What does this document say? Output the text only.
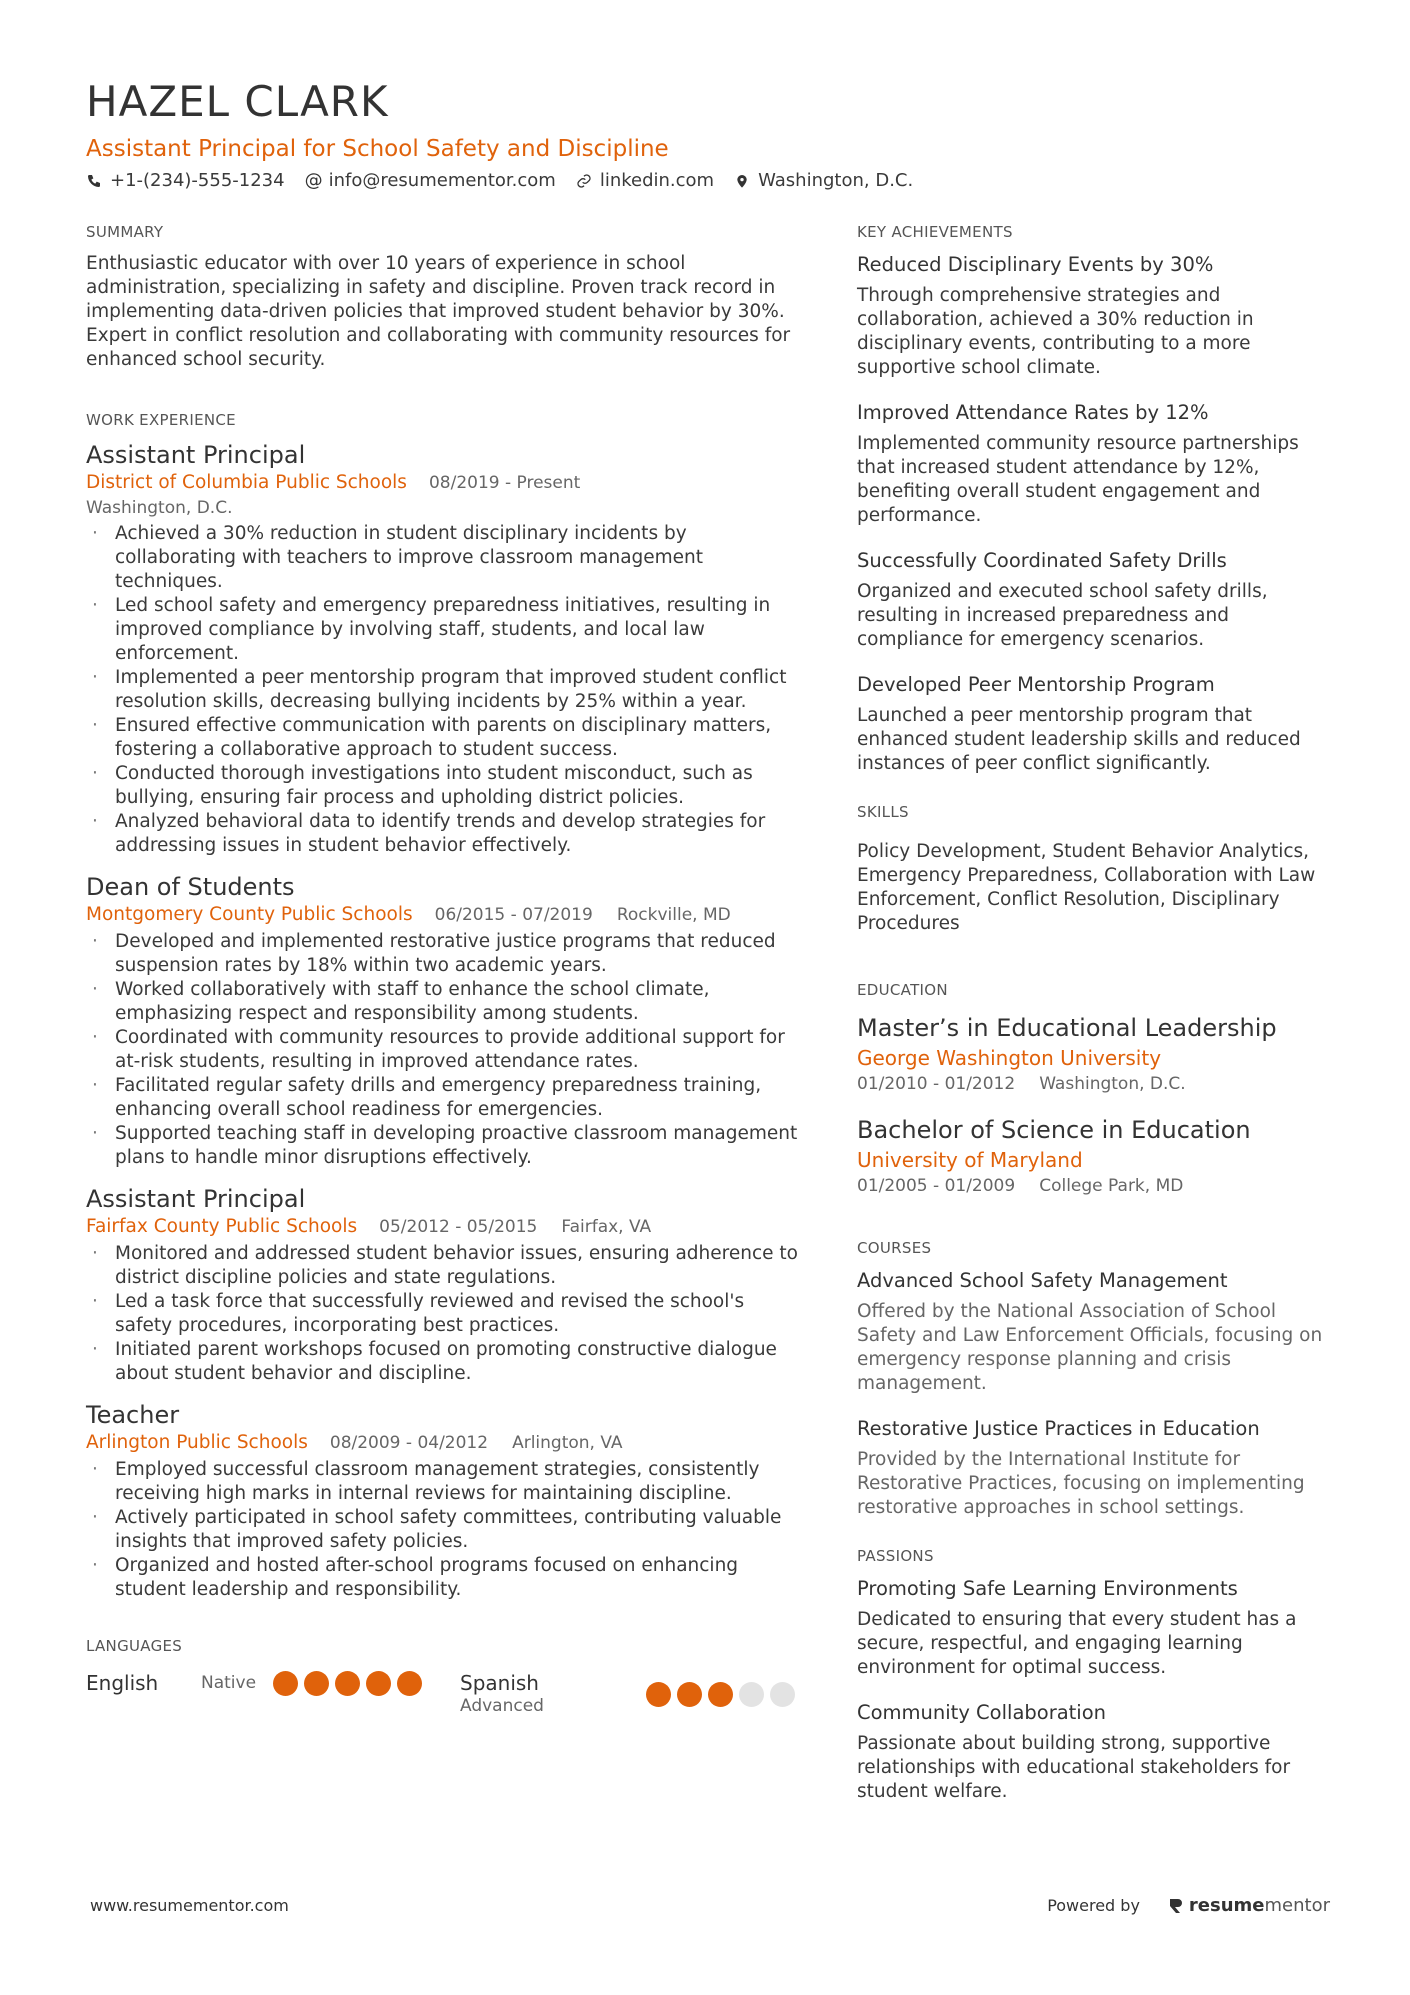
HAZEL CLARK
Assistant Principal for School Safety and Discipline
+1-(234)-555-1234 @ info@resumementor.com linkedin.com Washington, D.C.
SUMMARY
Enthusiastic educator with over 10 years of experience in school administration, specializing in safety and discipline. Proven track record in implementing data-driven policies that improved student behavior by 30%. Expert in conflict resolution and collaborating with community resources for enhanced school security.
WORK EXPERIENCE
Assistant Principal
District of Columbia Public Schools 08/2019 - Present
Washington, D.C.
· Achieved a 30% reduction in student disciplinary incidents by collaborating with teachers to improve classroom management techniques.
· Led school safety and emergency preparedness initiatives, resulting in improved compliance by involving staff, students, and local law enforcement.
· Implemented a peer mentorship program that improved student conflict resolution skills, decreasing bullying incidents by 25% within a year.
· Ensured effective communication with parents on disciplinary matters, fostering a collaborative approach to student success.
· Conducted thorough investigations into student misconduct, such as bullying, ensuring fair process and upholding district policies.
· Analyzed behavioral data to identify trends and develop strategies for addressing issues in student behavior effectively.
Dean of Students
Montgomery County Public Schools 06/2015 - 07/2019 Rockville, MD
· Developed and implemented restorative justice programs that reduced suspension rates by 18% within two academic years.
· Worked collaboratively with staff to enhance the school climate, emphasizing respect and responsibility among students.
· Coordinated with community resources to provide additional support for at-risk students, resulting in improved attendance rates.
· Facilitated regular safety drills and emergency preparedness training, enhancing overall school readiness for emergencies.
· Supported teaching staff in developing proactive classroom management plans to handle minor disruptions effectively.
Assistant Principal
Fairfax County Public Schools 05/2012 - 05/2015 Fairfax, VA
· Monitored and addressed student behavior issues, ensuring adherence to district discipline policies and state regulations.
· Led a task force that successfully reviewed and revised the school's safety procedures, incorporating best practices.
· Initiated parent workshops focused on promoting constructive dialogue about student behavior and discipline.
Teacher
Arlington Public Schools 08/2009 - 04/2012 Arlington, VA
· Employed successful classroom management strategies, consistently receiving high marks in internal reviews for maintaining discipline.
· Actively participated in school safety committees, contributing valuable insights that improved safety policies.
· Organized and hosted after-school programs focused on enhancing student leadership and responsibility.
LANGUAGES
English	Native	Spanish
Advanced
KEY ACHIEVEMENTS
Reduced Disciplinary Events by 30%
Through comprehensive strategies and collaboration, achieved a 30% reduction in disciplinary events, contributing to a more supportive school climate.
Improved Attendance Rates by 12%
Implemented community resource partnerships that increased student attendance by 12%, benefiting overall student engagement and performance.
Successfully Coordinated Safety Drills
Organized and executed school safety drills, resulting in increased preparedness and compliance for emergency scenarios.
Developed Peer Mentorship Program
Launched a peer mentorship program that enhanced student leadership skills and reduced instances of peer conflict significantly.
SKILLS
Policy Development, Student Behavior Analytics, Emergency Preparedness, Collaboration with Law Enforcement, Conflict Resolution, Disciplinary Procedures
EDUCATION
Master’s in Educational Leadership
George Washington University
01/2010 - 01/2012 Washington, D.C.
Bachelor of Science in Education
University of Maryland
01/2005 - 01/2009 College Park, MD
COURSES
Advanced School Safety Management
Offered by the National Association of School Safety and Law Enforcement Officials, focusing on emergency response planning and crisis management.
Restorative Justice Practices in Education
Provided by the International Institute for Restorative Practices, focusing on implementing restorative approaches in school settings.
PASSIONS
Promoting Safe Learning Environments
Dedicated to ensuring that every student has a secure, respectful, and engaging learning environment for optimal success.
Community Collaboration
Passionate about building strong, supportive relationships with educational stakeholders for student welfare.
www.resumementor.com	Powered by	resume mentor
